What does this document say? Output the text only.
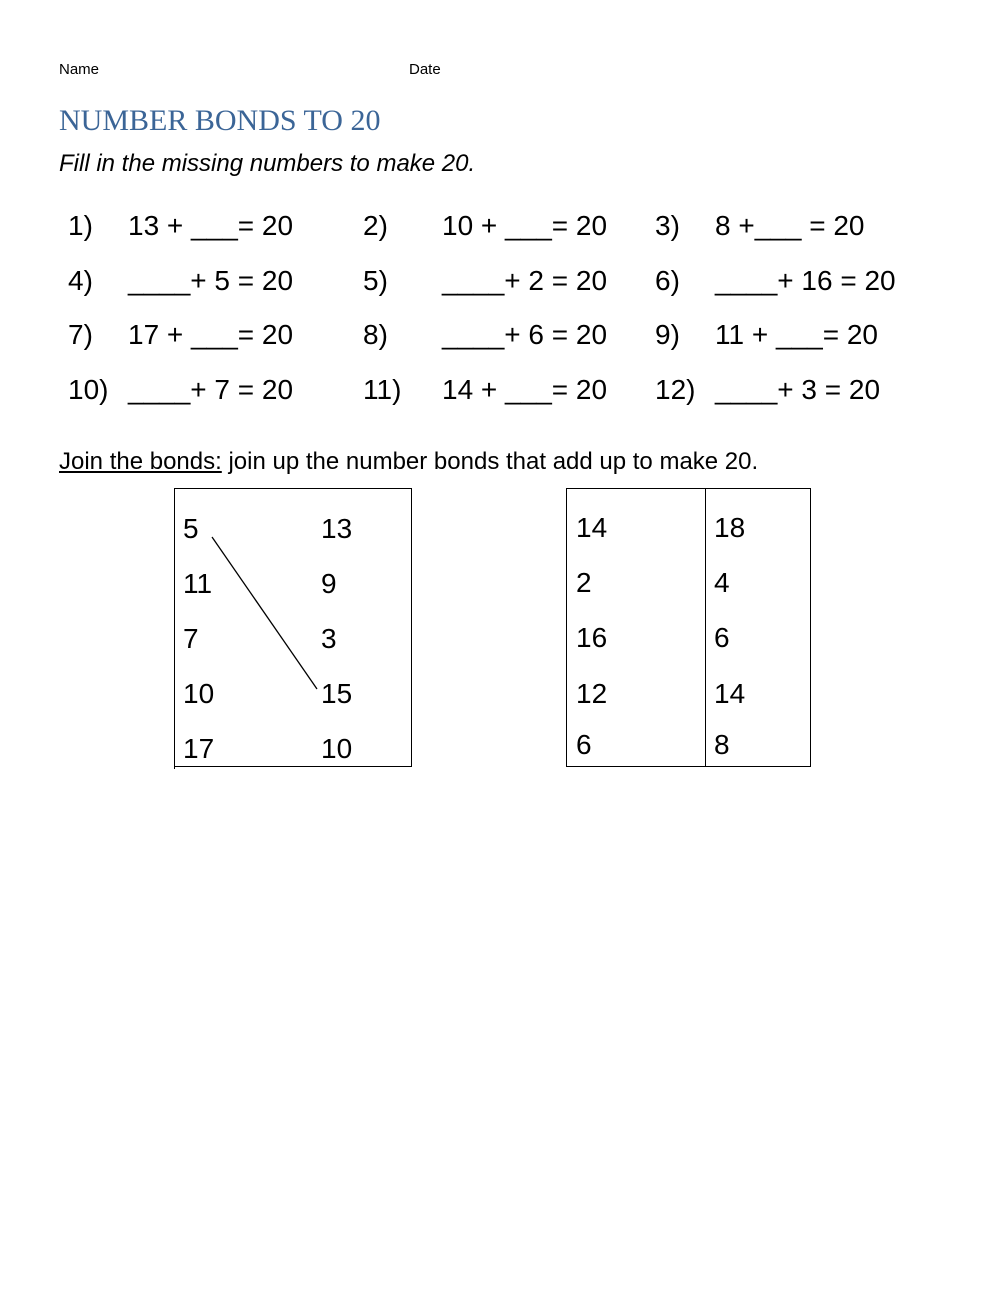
Name	Date
NUMBER BONDS TO 20
Fill in the missing numbers to make 20.
1) 13 + ___= 20 2) 10 + ___= 20 3) 8 +___ = 20
4) ____+ 5 = 20 5) ____+ 2 = 20 6) ____+ 16 = 20
7) 17 + ___= 20 8) ____+ 6 = 20 9) 11 + ___= 20
10) ____+ 7 = 20 11) 14 + ___= 20 12) ____+ 3 = 20
Join the bonds: join up the number bonds that add up to make 20.
5
11
7
10
17
13
9
3
15
10
14
2
16
12
6
18
4
6
14
8
